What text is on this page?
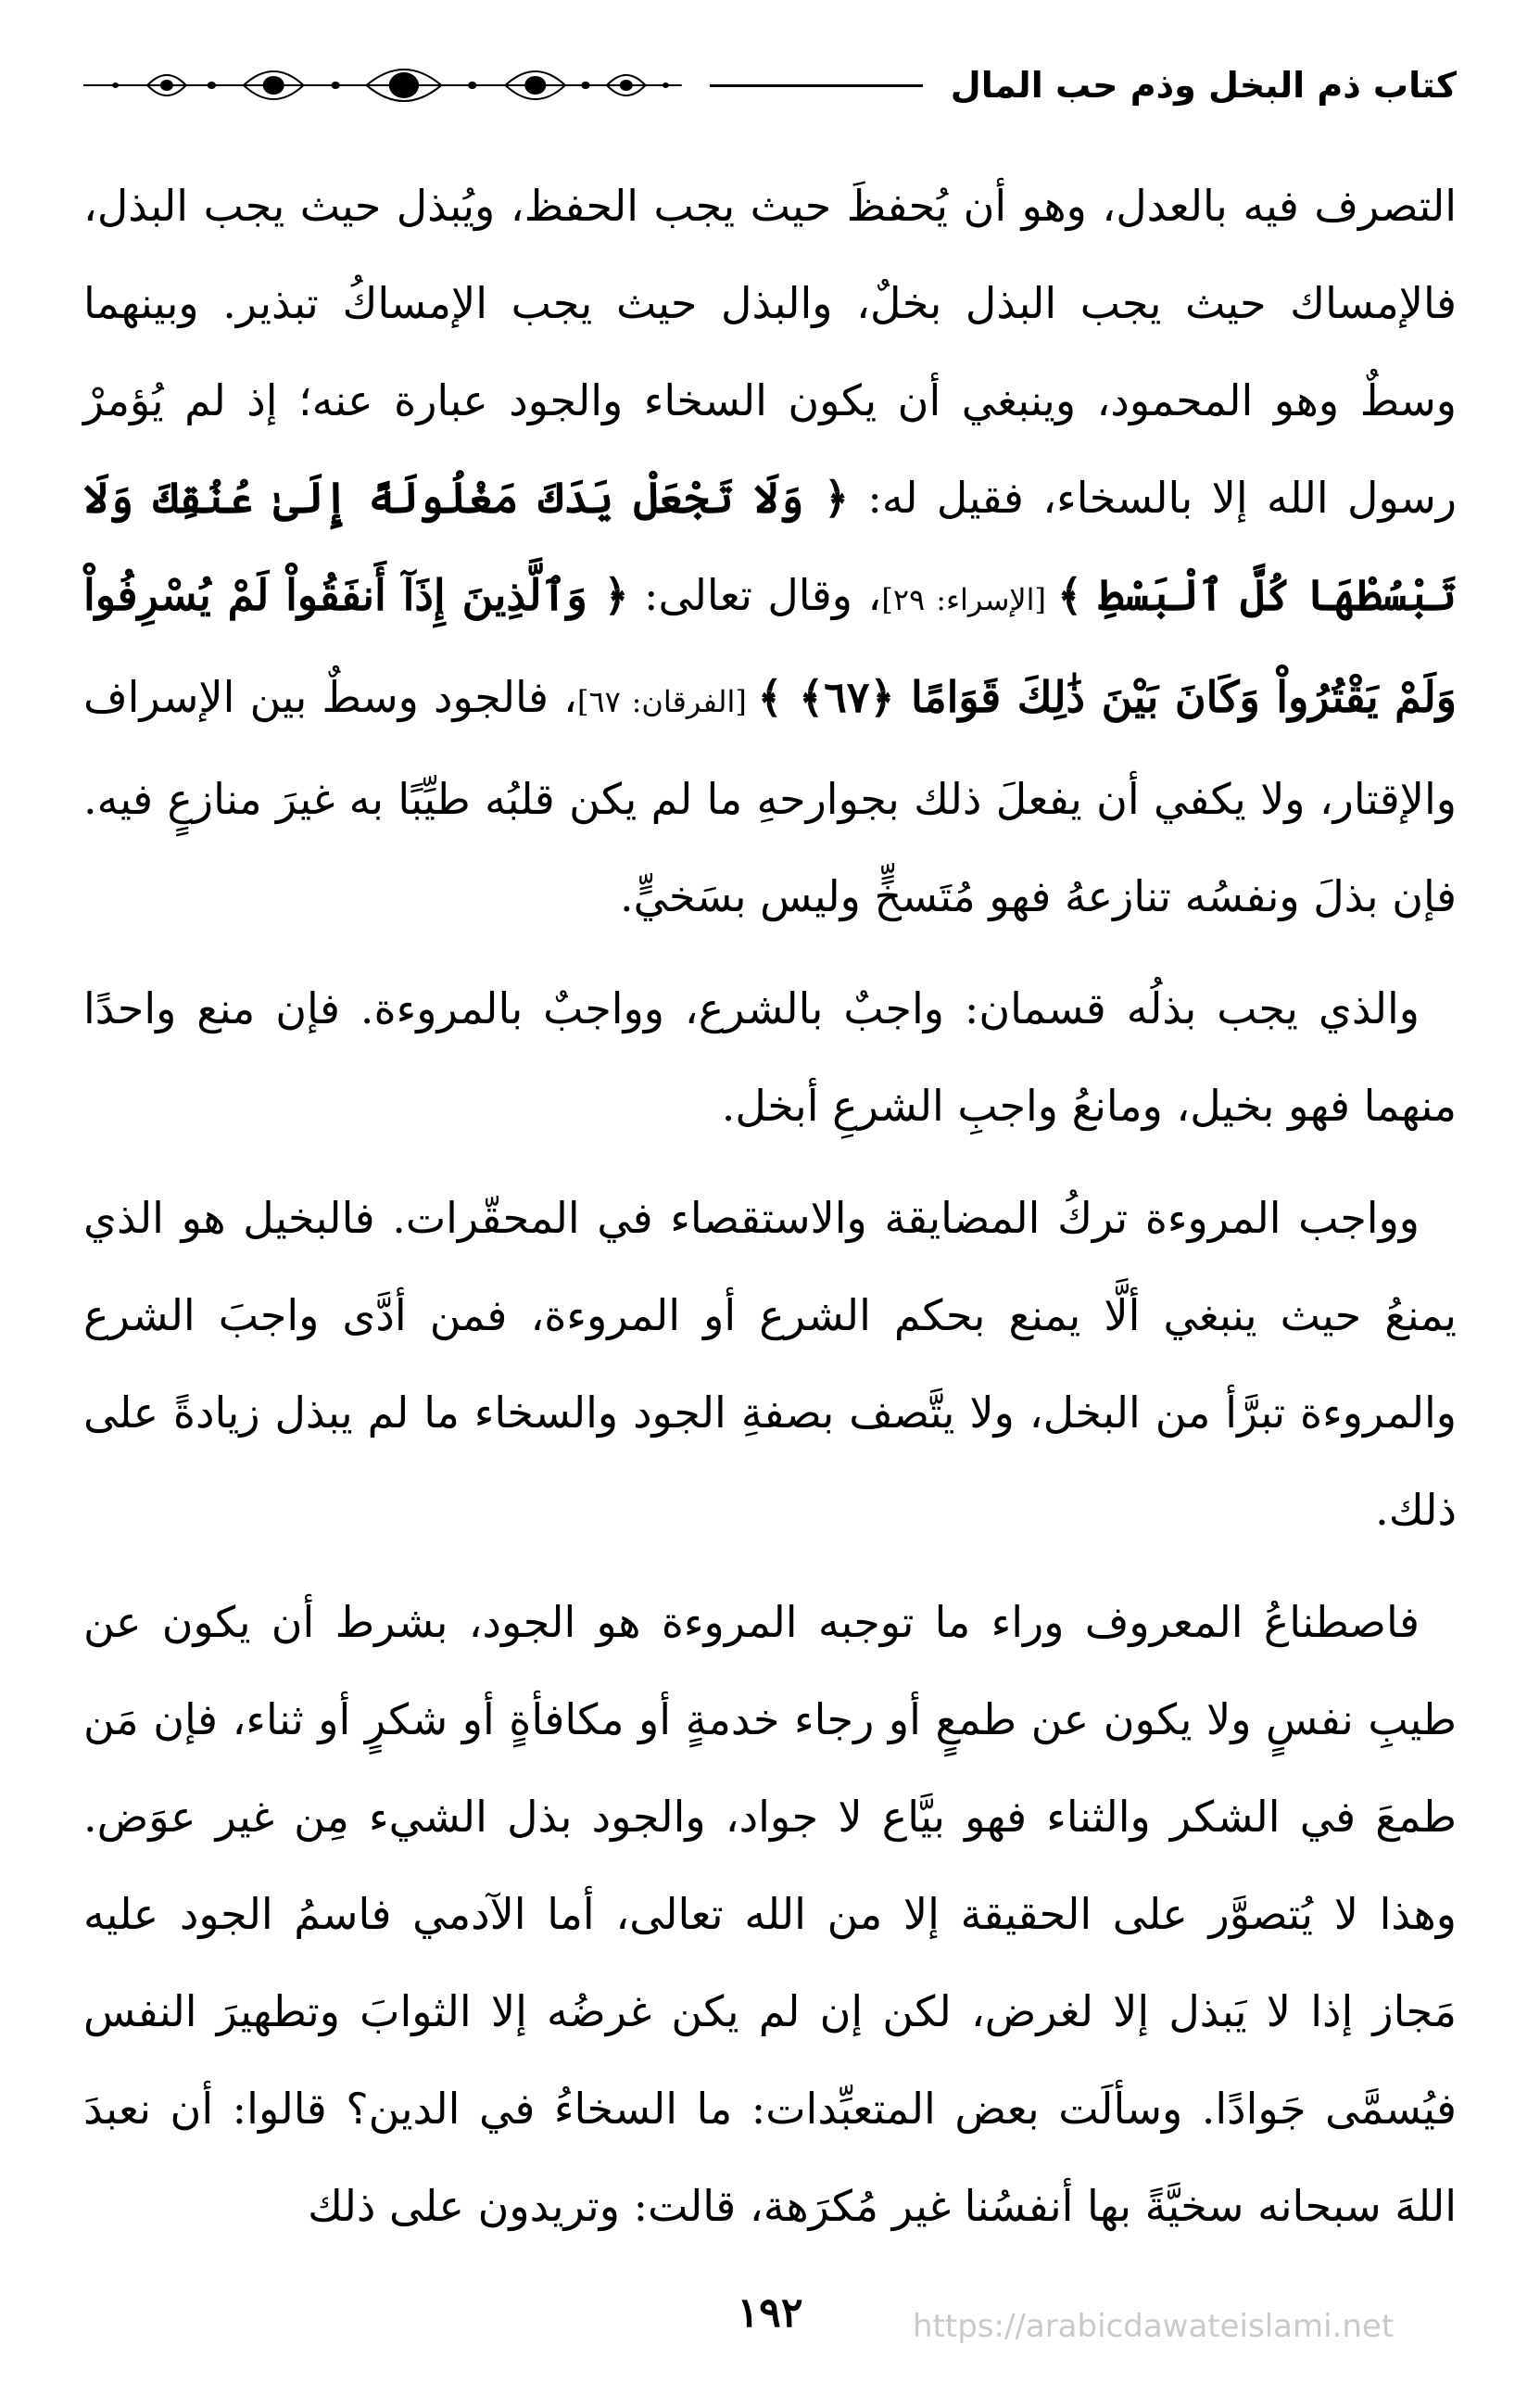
كتاب ذم البخل وذم حب المال

التصرف فيه بالعدل، وهو أن يُحفظَ حيث يجب الحفظ، ويُبذل حيث يجب البذل، فالإمساك حيث يجب البذل بخلٌ، والبذل حيث يجب الإمساكُ تبذير. وبينهما وسطٌ وهو المحمود، وينبغي أن يكون السخاء والجود عبارة عنه؛ إذ لم يُؤمرْ رسول الله إلا بالسخاء، فقيل له: ﴿ وَلَا تَجْعَلْ يَدَكَ مَغْلُولَةً إِلَىٰ عُنُقِكَ وَلَا تَبْسُطْهَا كُلَّ ٱلْبَسْطِ ﴾ [الإسراء: ٢٩]، وقال تعالى: ﴿ وَٱلَّذِينَ إِذَآ أَنفَقُواْ لَمْ يُسْرِفُواْ وَلَمْ يَقْتُرُواْ وَكَانَ بَيْنَ ذَٰلِكَ قَوَامًا ﴿٦٧﴾ ﴾ [الفرقان: ٦٧]، فالجود وسطٌ بين الإسراف والإقتار، ولا يكفي أن يفعلَ ذلك بجوارحهِ ما لم يكن قلبُه طيِّبًا به غيرَ منازعٍ فيه. فإن بذلَ ونفسُه تنازعهُ فهو مُتَسخٍّ وليس بسَخيٍّ.

والذي يجب بذلُه قسمان: واجبٌ بالشرع، وواجبٌ بالمروءة. فإن منع واحدًا منهما فهو بخيل، ومانعُ واجبِ الشرعِ أبخل.

وواجب المروءة تركُ المضايقة والاستقصاء في المحقّرات. فالبخيل هو الذي يمنعُ حيث ينبغي ألَّا يمنع بحكم الشرع أو المروءة، فمن أدَّى واجبَ الشرع والمروءة تبرَّأ من البخل، ولا يتَّصف بصفةِ الجود والسخاء ما لم يبذل زيادةً على ذلك.

فاصطناعُ المعروف وراء ما توجبه المروءة هو الجود، بشرط أن يكون عن طيبِ نفسٍ ولا يكون عن طمعٍ أو رجاء خدمةٍ أو مكافأةٍ أو شكرٍ أو ثناء، فإن مَن طمعَ في الشكر والثناء فهو بيَّاع لا جواد، والجود بذل الشيء مِن غير عوَض. وهذا لا يُتصوَّر على الحقيقة إلا من الله تعالى، أما الآدمي فاسمُ الجود عليه مَجاز إذا لا يَبذل إلا لغرض، لكن إن لم يكن غرضُه إلا الثوابَ وتطهيرَ النفس فيُسمَّى جَوادًا. وسألَت بعض المتعبِّدات: ما السخاءُ في الدين؟ قالوا: أن نعبدَ اللهَ سبحانه سخيَّةً بها أنفسُنا غير مُكرَهة، قالت: وتريدون على ذلك

١٩٢	https://arabicdawateislami.net
